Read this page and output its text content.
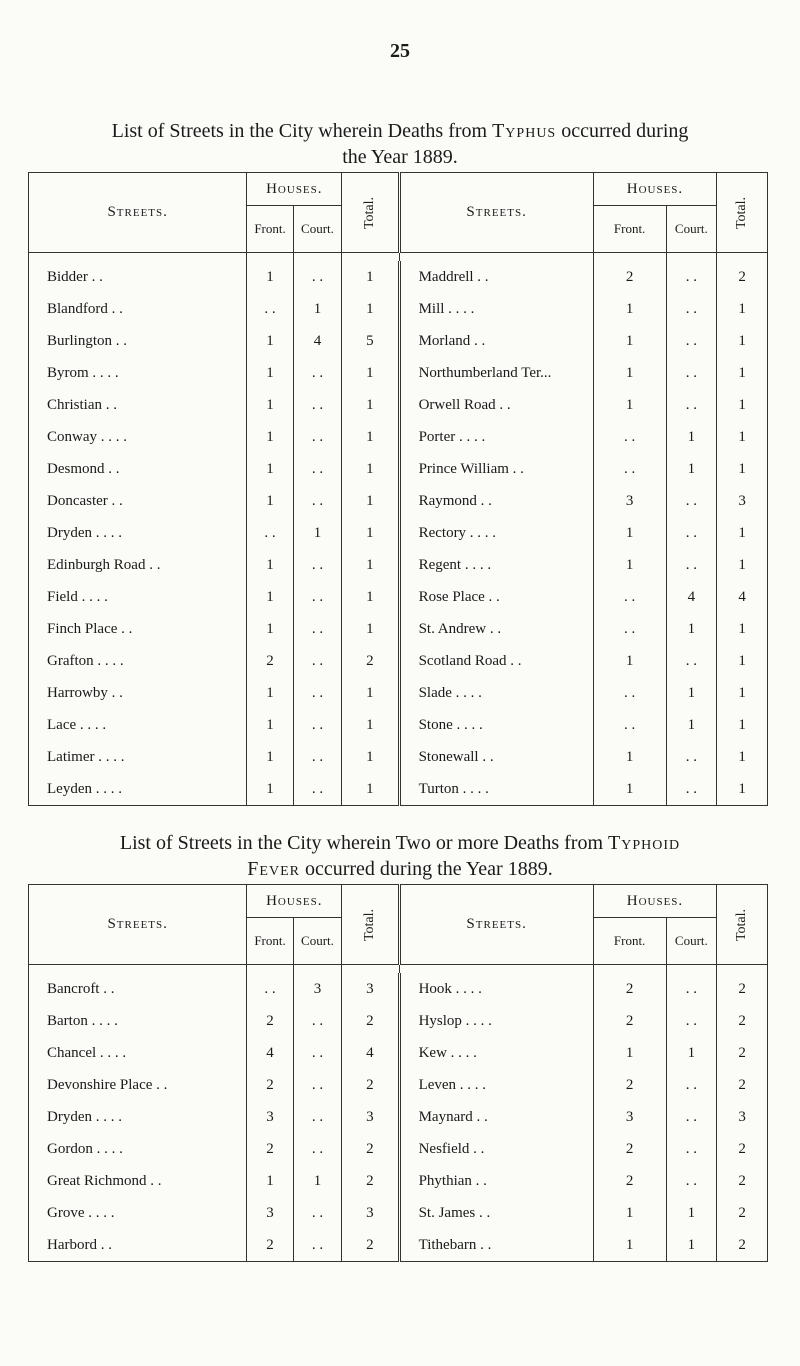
25
List of Streets in the City wherein Deaths from Typhus occurred during
the Year 1889.
Streets.	Houses.		Total.	Streets.	Houses.		Total.
	Front.	Court.			Front.	Court.	

Bidder . .	1	. .	1	Maddrell . .	2	. .	2
Blandford . .	. .	1	1	Mill . . . .	1	. .	1
Burlington . .	1	4	5	Morland . .	1	. .	1
Byrom . . . .	1	. .	1	Northumberland Ter...	1	. .	1
Christian . .	1	. .	1	Orwell Road . .	1	. .	1
Conway . . . .	1	. .	1	Porter . . . .	. .	1	1
Desmond . .	1	. .	1	Prince William . .	. .	1	1
Doncaster . .	1	. .	1	Raymond . .	3	. .	3
Dryden . . . .	. .	1	1	Rectory . . . .	1	. .	1
Edinburgh Road . .	1	. .	1	Regent . . . .	1	. .	1
Field . . . .	1	. .	1	Rose Place . .	. .	4	4
Finch Place . .	1	. .	1	St. Andrew . .	. .	1	1
Grafton . . . .	2	. .	2	Scotland Road . .	1	. .	1
Harrowby . .	1	. .	1	Slade . . . .	. .	1	1
Lace . . . .	1	. .	1	Stone . . . .	. .	1	1
Latimer . . . .	1	. .	1	Stonewall . .	1	. .	1
Leyden . . . .	1	. .	1	Turton . . . .	1	. .	1
List of Streets in the City wherein Two or more Deaths from Typhoid
Fever occurred during the Year 1889.
Streets.	Houses.		Total.	Streets.	Houses.		Total.
	Front.	Court.			Front.	Court.	

Bancroft . .	. .	3	3	Hook . . . .	2	. .	2
Barton . . . .	2	. .	2	Hyslop . . . .	2	. .	2
Chancel . . . .	4	. .	4	Kew . . . .	1	1	2
Devonshire Place . .	2	. .	2	Leven . . . .	2	. .	2
Dryden . . . .	3	. .	3	Maynard . .	3	. .	3
Gordon . . . .	2	. .	2	Nesfield . .	2	. .	2
Great Richmond . .	1	1	2	Phythian . .	2	. .	2
Grove . . . .	3	. .	3	St. James . .	1	1	2
Harbord . .	2	. .	2	Tithebarn . .	1	1	2
